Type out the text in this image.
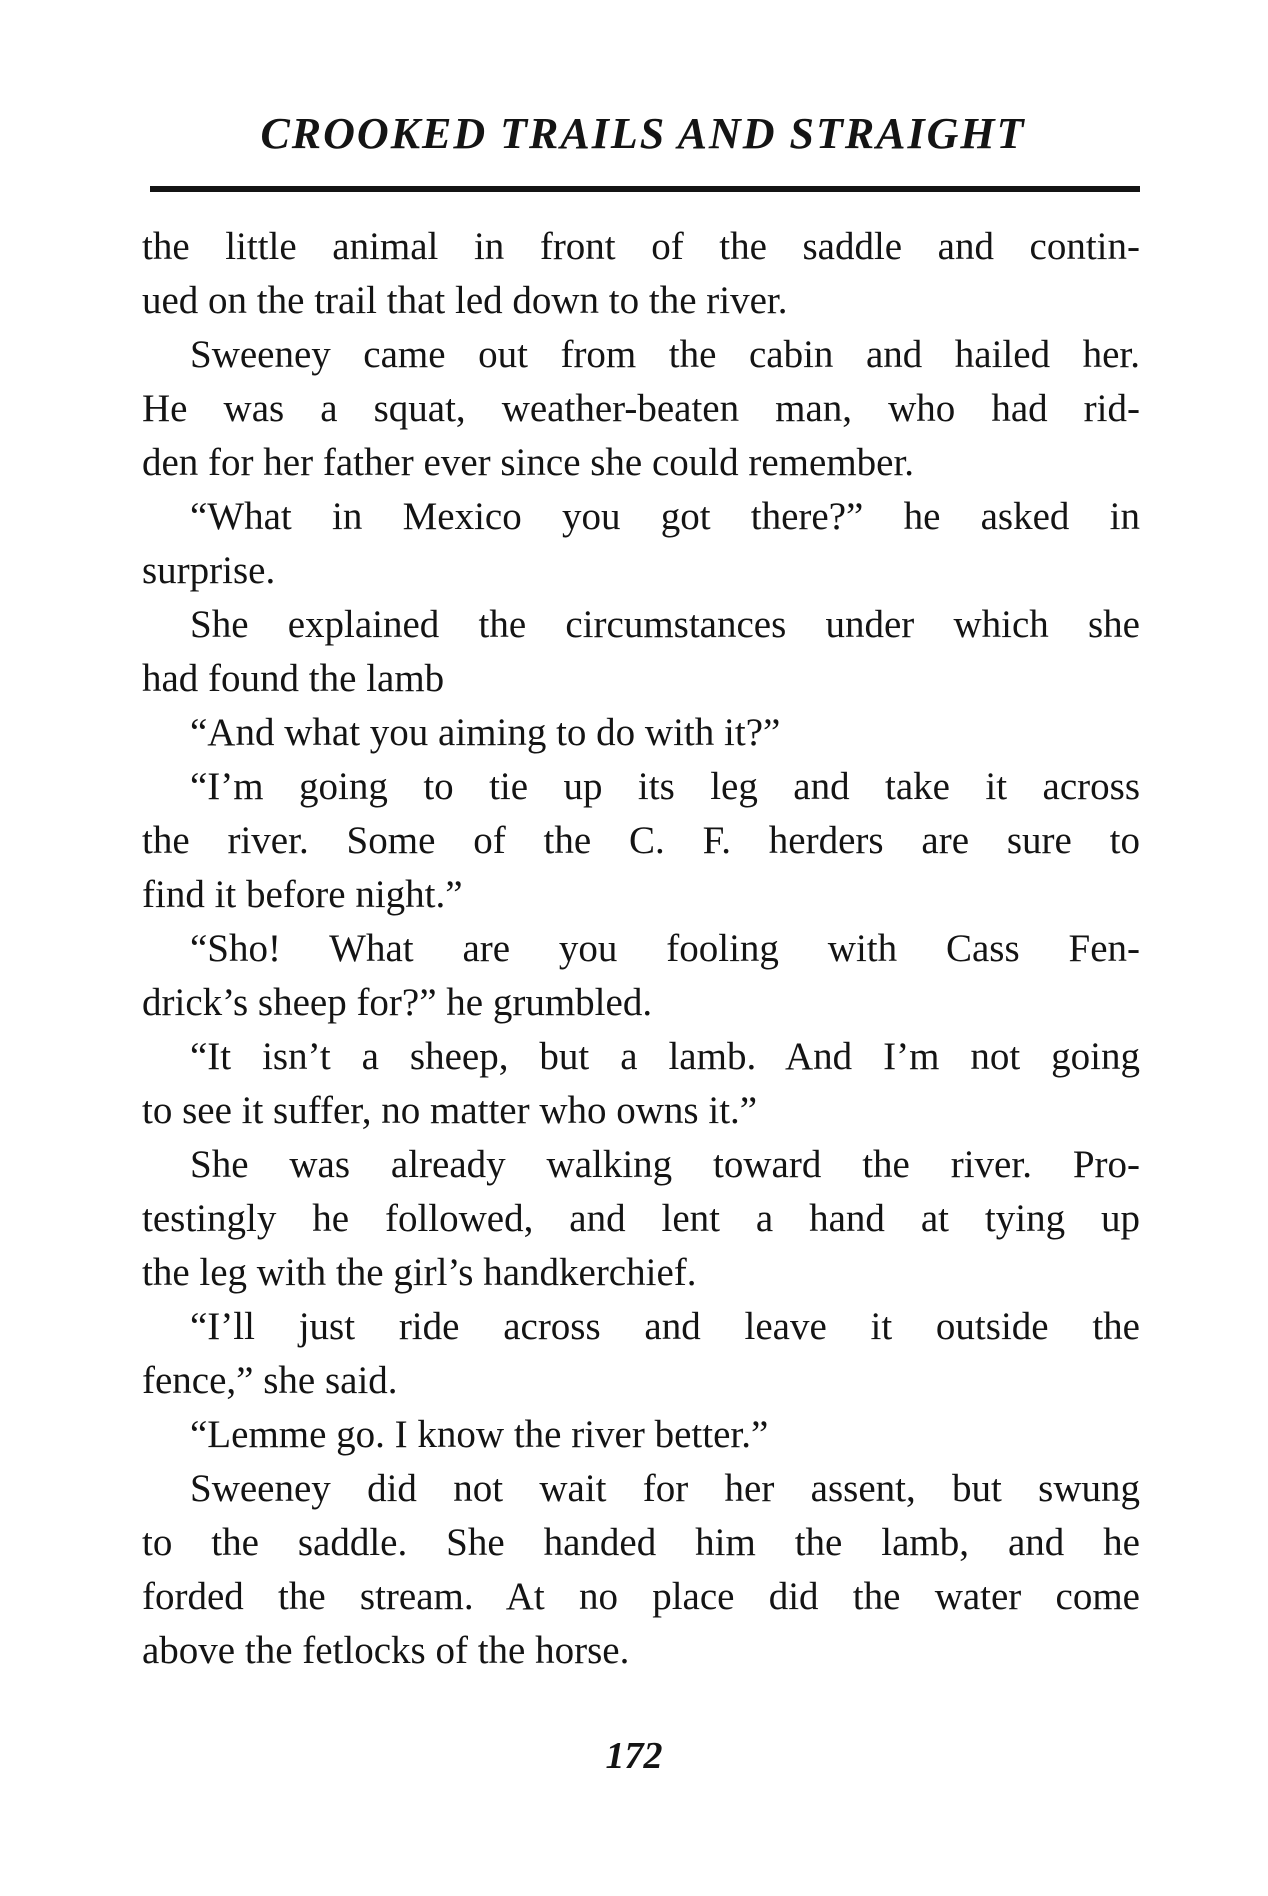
CROOKED TRAILS AND STRAIGHT
the little animal in front of the saddle and contin-
ued on the trail that led down to the river.
Sweeney came out from the cabin and hailed her.
He was a squat, weather-beaten man, who had rid-
den for her father ever since she could remember.
“What in Mexico you got there?” he asked in
surprise.
She explained the circumstances under which she
had found the lamb
“And what you aiming to do with it?”
“I’m going to tie up its leg and take it across
the river. Some of the C. F. herders are sure to
find it before night.”
“Sho! What are you fooling with Cass Fen-
drick’s sheep for?” he grumbled.
“It isn’t a sheep, but a lamb. And I’m not going
to see it suffer, no matter who owns it.”
She was already walking toward the river. Pro-
testingly he followed, and lent a hand at tying up
the leg with the girl’s handkerchief.
“I’ll just ride across and leave it outside the
fence,” she said.
“Lemme go. I know the river better.”
Sweeney did not wait for her assent, but swung
to the saddle. She handed him the lamb, and he
forded the stream. At no place did the water come
above the fetlocks of the horse.
172
